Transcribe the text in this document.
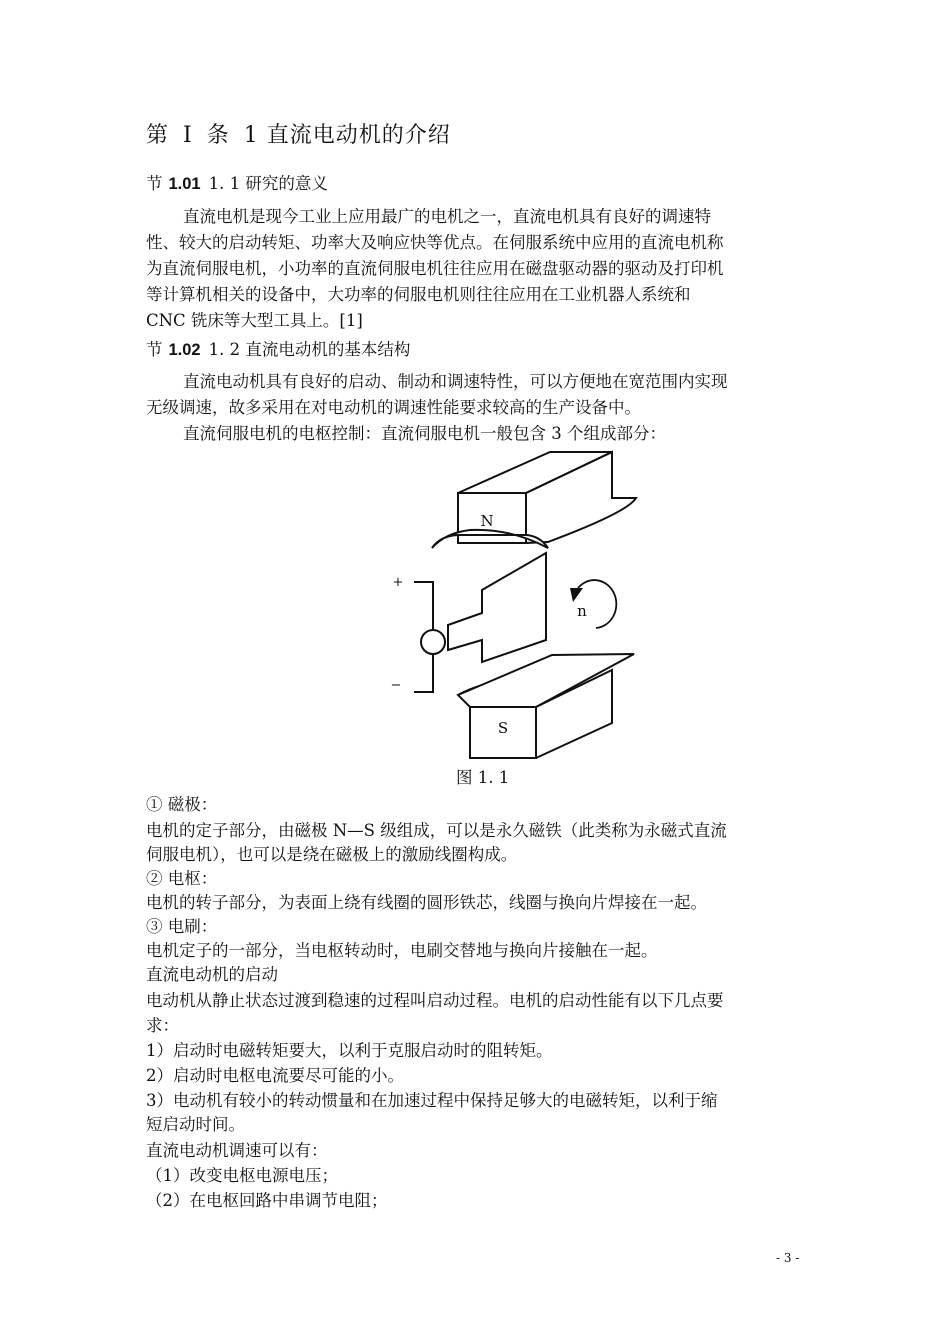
第 I 条 1 直流电动机的介绍
节 1.01 1. 1 研究的意义
直流电机是现今工业上应用最广的电机之一，直流电机具有良好的调速特
性、较大的启动转矩、功率大及响应快等优点。在伺服系统中应用的直流电机称
为直流伺服电机，小功率的直流伺服电机往往应用在磁盘驱动器的驱动及打印机
等计算机相关的设备中，大功率的伺服电机则往往应用在工业机器人系统和
CNC 铣床等大型工具上。[1]
节 1.02 1. 2 直流电动机的基本结构
直流电动机具有良好的启动、制动和调速特性，可以方便地在宽范围内实现
无级调速，故多采用在对电动机的调速性能要求较高的生产设备中。
直流伺服电机的电枢控制：直流伺服电机一般包含 3 个组成部分：
N
S
n
+
−
图 1. 1
① 磁极：
电机的定子部分，由磁极 N—S 级组成，可以是永久磁铁（此类称为永磁式直流
伺服电机），也可以是绕在磁极上的激励线圈构成。
② 电枢：
电机的转子部分，为表面上绕有线圈的圆形铁芯，线圈与换向片焊接在一起。
③ 电刷：
电机定子的一部分，当电枢转动时，电刷交替地与换向片接触在一起。
直流电动机的启动
电动机从静止状态过渡到稳速的过程叫启动过程。电机的启动性能有以下几点要
求：
1）启动时电磁转矩要大，以利于克服启动时的阻转矩。
2）启动时电枢电流要尽可能的小。
3）电动机有较小的转动惯量和在加速过程中保持足够大的电磁转矩，以利于缩
短启动时间。
直流电动机调速可以有：
（1）改变电枢电源电压；
（2）在电枢回路中串调节电阻；
- 3 -
